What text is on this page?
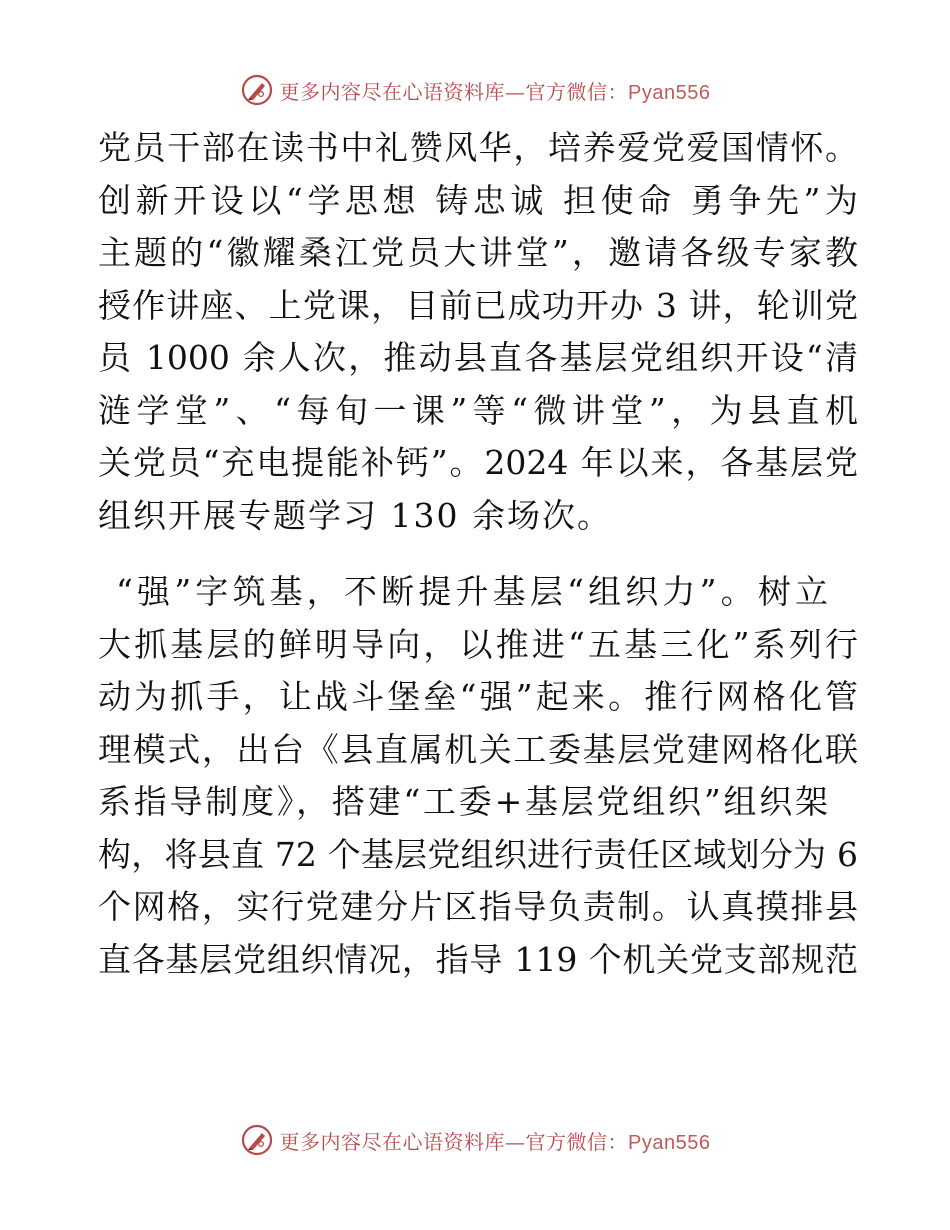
更多内容尽在心语资料库—官方微信：Pyan556
党员干部在读书中礼赞风华，培养爱党爱国情怀。
创新开设以“学思想 铸忠诚 担使命 勇争先”为
主题的“徽耀桑江党员大讲堂”，邀请各级专家教
授作讲座、上党课，目前已成功开办 3 讲，轮训党
员 1000 余人次，推动县直各基层党组织开设“清
涟学堂”、“每旬一课”等“微讲堂”，为县直机
关党员“充电提能补钙”。2024 年以来，各基层党
组织开展专题学习 130 余场次。
“强”字筑基，不断提升基层“组织力”。树立
大抓基层的鲜明导向，以推进“五基三化”系列行
动为抓手，让战斗堡垒“强”起来。推行网格化管
理模式，出台《县直属机关工委基层党建网格化联
系指导制度》，搭建“工委+基层党组织”组织架
构，将县直 72 个基层党组织进行责任区域划分为 6
个网格，实行党建分片区指导负责制。认真摸排县
直各基层党组织情况，指导 119 个机关党支部规范
更多内容尽在心语资料库—官方微信：Pyan556
